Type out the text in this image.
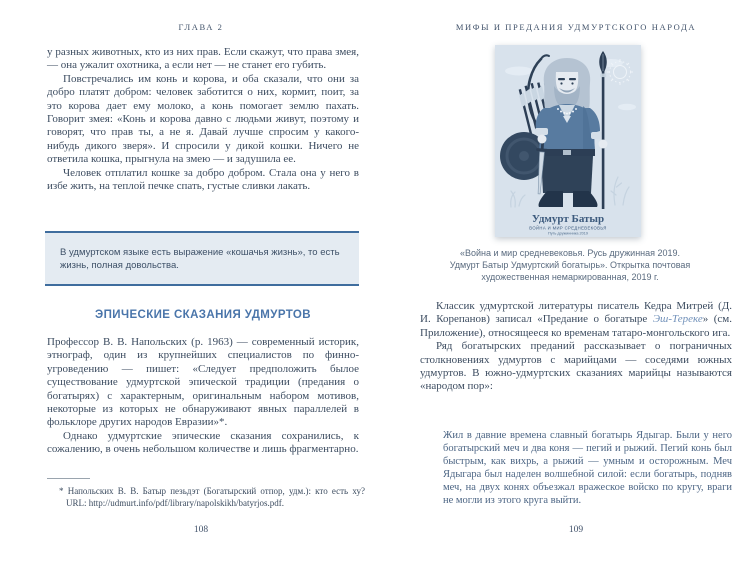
ГЛАВА 2

у разных животных, кто из них прав. Если скажут, что права змея, — она ужалит охотника, а если нет — не станет его губить.

Повстречались им конь и корова, и оба сказали, что они за добро платят добром: человек заботится о них, кормит, поит, за это корова дает ему молоко, а конь помогает землю пахать. Говорит змея: «Конь и корова давно с людьми живут, поэтому и говорят, что прав ты, а не я. Давай лучше спросим у какого-нибудь дикого зверя». И спросили у дикой кошки. Ничего не ответила кошка, прыгнула на змею — и задушила ее.

Человек отплатил кошке за добро добром. Стала она у него в избе жить, на теплой печке спать, густые сливки лакать.

В удмуртском языке есть выражение «кошачья жизнь», то есть жизнь, полная довольства.
ЭПИЧЕСКИЕ СКАЗАНИЯ УДМУРТОВ

Профессор В. В. Напольских (р. 1963) — современный историк, этнограф, один из крупнейших специалистов по финно-угроведению — пишет: «Следует предположить былое существование удмуртской эпической традиции (предания о богатырях) с характерным, оригинальным набором мотивов, некоторые из которых не обнаруживают явных параллелей в фольклоре других народов Евразии»*.

Однако удмуртские эпические сказания сохранились, к сожалению, в очень небольшом количестве и лишь фрагментарно.

* Напольских В. В. Батыр пезьдэт (Богатырский отпор, удм.): кто есть ху? URL: http://udmurt.info/pdf/library/napolskikh/batyrjos.pdf.
108
МИФЫ И ПРЕДАНИЯ УДМУРТСКОГО НАРОДА
Удмурт Батыр
ВОЙНА И МИР СРЕДНЕВЕКОВЬЯ
Путь дружинника 2019
«Война и мир средневековья. Русь дружинная 2019.
Удмурт Батыр Удмуртский богатырь». Открытка почтовая
художественная немаркированная, 2019 г.

Классик удмуртской литературы писатель Кедра Митрей (Д. И. Корепанов) записал «Предание о богатыре Эш-Тереке» (см. Приложение), относящееся ко временам татаро-монгольского ига.

Ряд богатырских преданий рассказывает о пограничных столкновениях удмуртов с марийцами — соседями южных удмуртов. В южно-удмуртских сказаниях марийцы называются «народом пор»:

Жил в давние времена славный богатырь Ядыгар. Были у него богатырский меч и два коня — пегий и рыжий. Пегий конь был быстрым, как вихрь, а рыжий — умным и осторожным. Меч Ядыгара был наделен волшебной силой: если богатырь, подняв меч, на двух конях объезжал вражеское войско по кругу, враги не могли из этого круга выйти.
109
